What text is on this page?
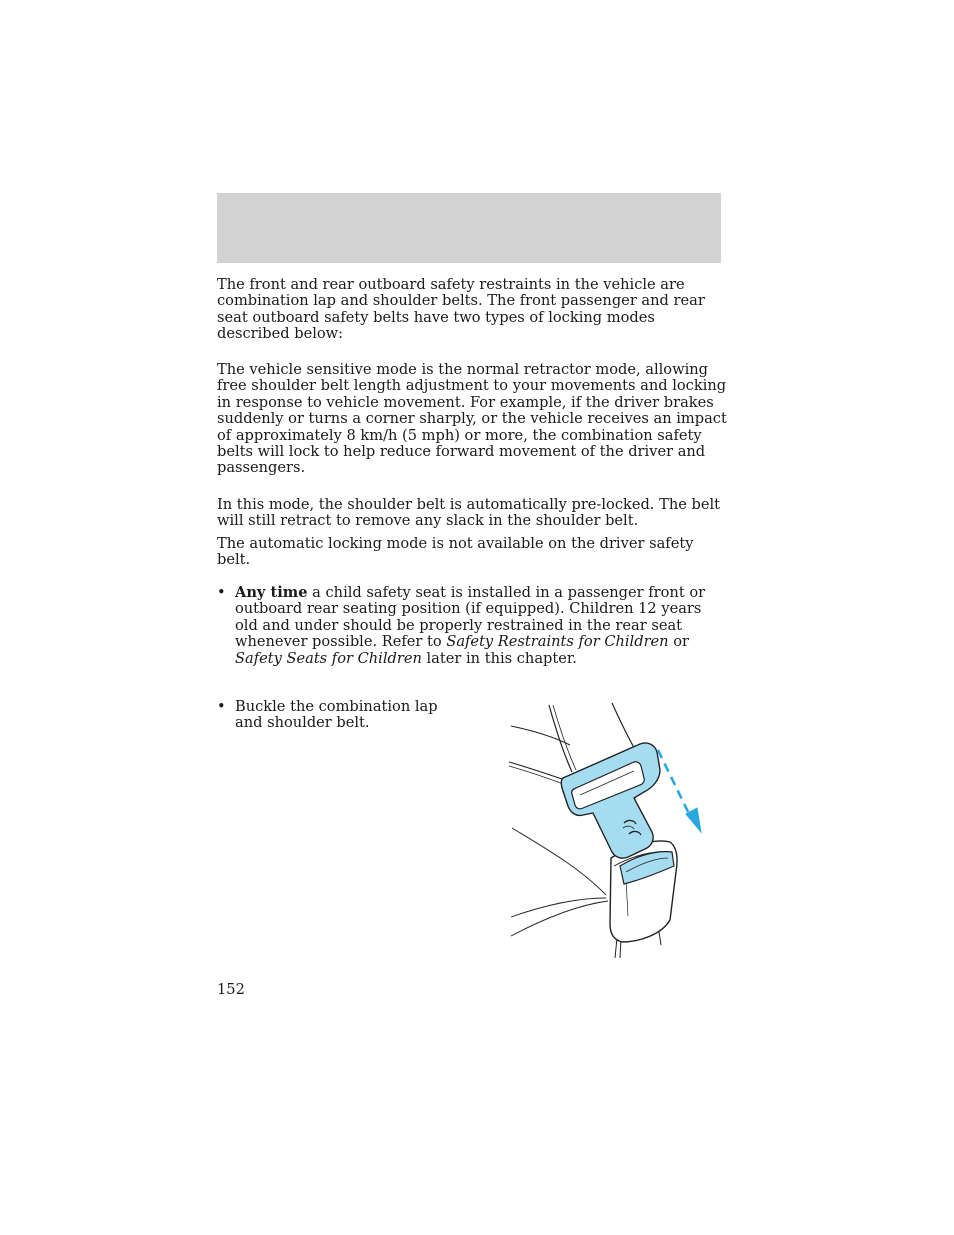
The front and rear outboard safety restraints in the vehicle are combination lap and shoulder belts. The front passenger and rear seat outboard safety belts have two types of locking modes described below:

The vehicle sensitive mode is the normal retractor mode, allowing free shoulder belt length adjustment to your movements and locking in response to vehicle movement. For example, if the driver brakes suddenly or turns a corner sharply, or the vehicle receives an impact of approximately 8 km/h (5 mph) or more, the combination safety belts will lock to help reduce forward movement of the driver and passengers.

In this mode, the shoulder belt is automatically pre-locked. The belt will still retract to remove any slack in the shoulder belt.

The automatic locking mode is not available on the driver safety belt.

• Any time a child safety seat is installed in a passenger front or outboard rear seating position (if equipped). Children 12 years old and under should be properly restrained in the rear seat whenever possible. Refer to Safety Restraints for Children or Safety Seats for Children later in this chapter.
• Buckle the combination lap and shoulder belt.

152
